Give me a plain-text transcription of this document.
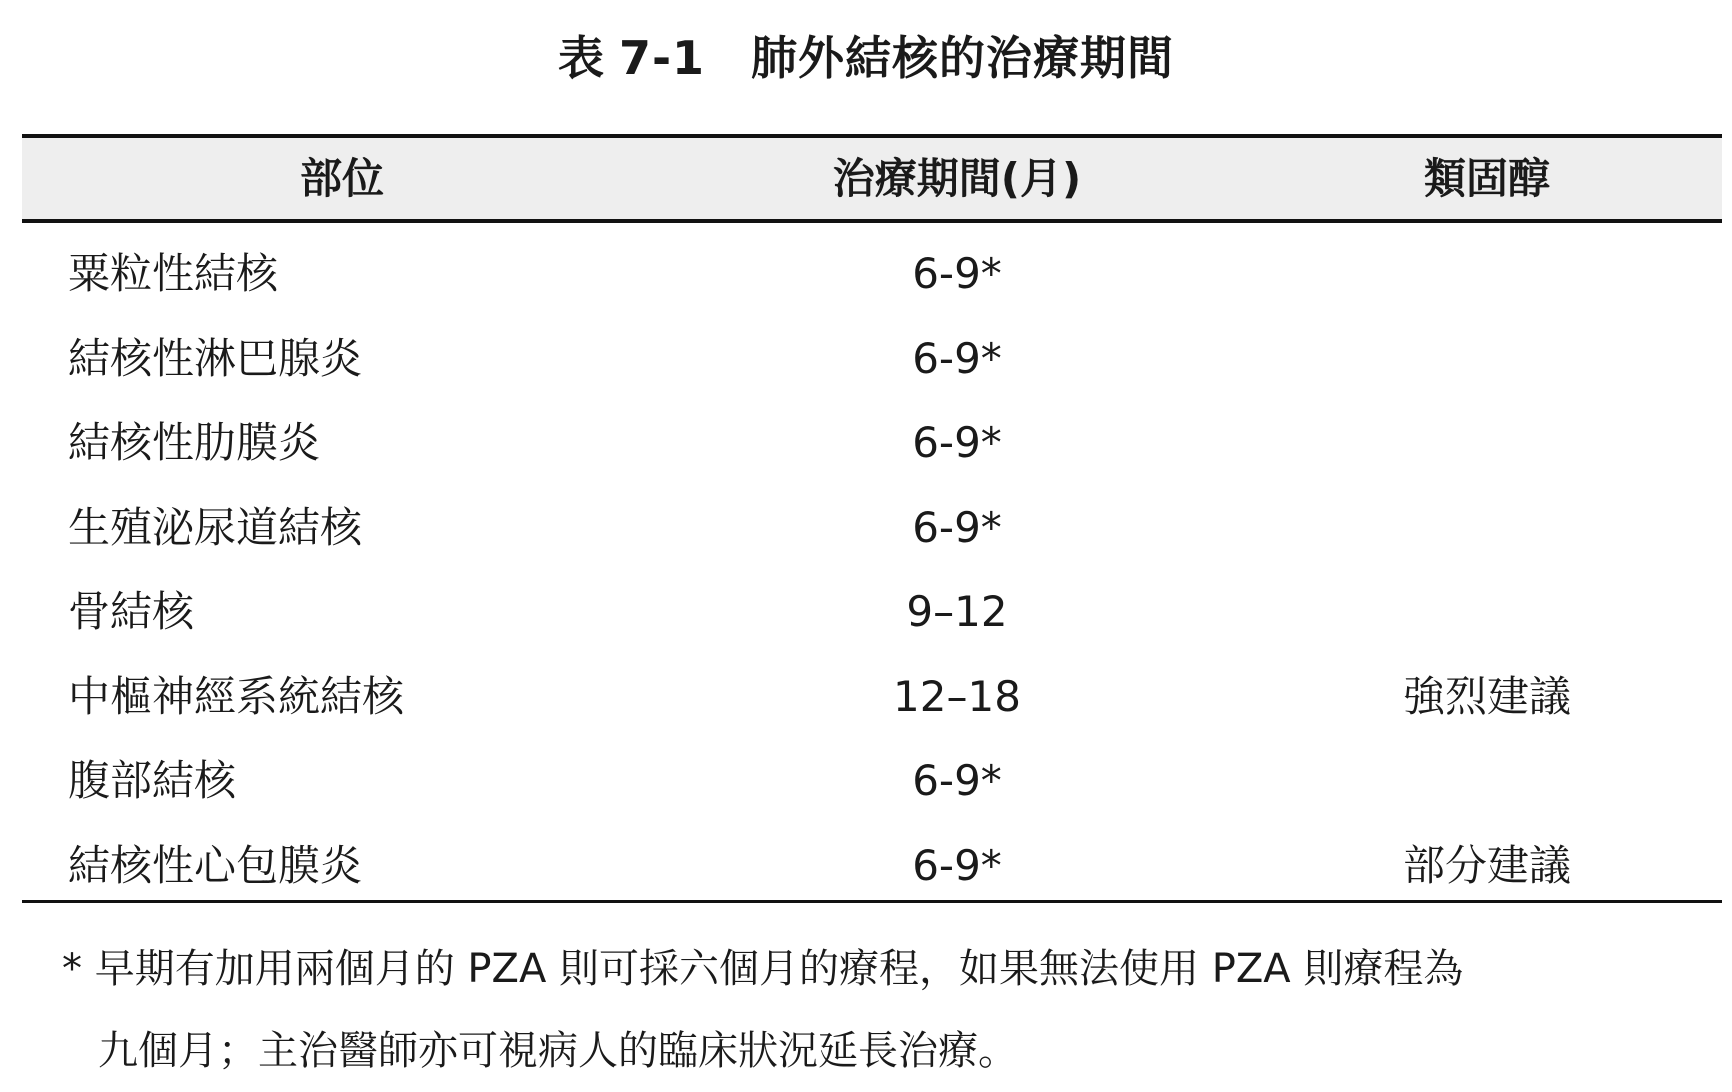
表 7-1 肺外結核的治療期間
部位	治療期間(月)	類固醇
粟粒性結核	6-9*
結核性淋巴腺炎	6-9*
結核性肋膜炎	6-9*
生殖泌尿道結核	6-9*
骨結核	9–12
中樞神經系統結核	12–18	強烈建議
腹部結核	6-9*
結核性心包膜炎	6-9*	部分建議
* 早期有加用兩個月的 PZA 則可採六個月的療程，如果無法使用 PZA 則療程為
九個月；主治醫師亦可視病人的臨床狀況延長治療。
